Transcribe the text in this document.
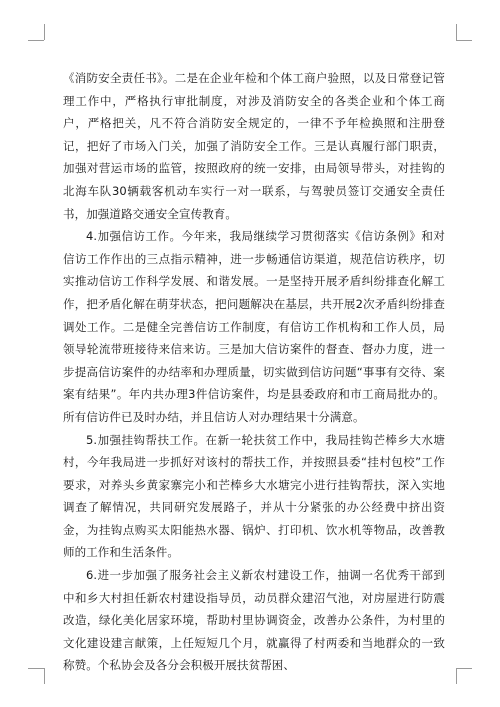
《消防安全责任书》。二是在企业年检和个体工商户验照，以及日常登记管理工作中，严格执行审批制度，对涉及消防安全的各类企业和个体工商户，严格把关，凡不符合消防安全规定的，一律不予年检换照和注册登记，把好了市场入门关，加强了消防安全工作。三是认真履行部门职责，加强对营运市场的监管，按照政府的统一安排，由局领导带头，对挂钩的北海车队30辆载客机动车实行一对一联系，与驾驶员签订交通安全责任书，加强道路交通安全宣传教育。

4.加强信访工作。今年来，我局继续学习贯彻落实《信访条例》和对信访工作作出的三点指示精神，进一步畅通信访渠道，规范信访秩序，切实推动信访工作科学发展、和谐发展。一是坚持开展矛盾纠纷排查化解工作，把矛盾化解在萌芽状态，把问题解决在基层，共开展2次矛盾纠纷排查调处工作。二是健全完善信访工作制度，有信访工作机构和工作人员，局领导轮流带班接待来信来访。三是加大信访案件的督查、督办力度，进一步提高信访案件的办结率和办理质量，切实做到信访问题“事事有交待、案案有结果”。年内共办理3件信访案件，均是县委政府和市工商局批办的。所有信访件已及时办结，并且信访人对办理结果十分满意。

5.加强挂钩帮扶工作。在新一轮扶贫工作中，我局挂钩芒棒乡大水塘村，今年我局进一步抓好对该村的帮扶工作，并按照县委“挂村包校”工作要求，对养头乡黄家寨完小和芒棒乡大水塘完小进行挂钩帮扶，深入实地调查了解情况，共同研究发展路子，并从十分紧张的办公经费中挤出资金，为挂钩点购买太阳能热水器、锅炉、打印机、饮水机等物品，改善教师的工作和生活条件。

6.进一步加强了服务社会主义新农村建设工作，抽调一名优秀干部到中和乡大村担任新农村建设指导员，动员群众建沼气池，对房屋进行防震改造，绿化美化居家环境，帮助村里协调资金，改善办公条件，为村里的文化建设建言献策，上任短短几个月，就赢得了村两委和当地群众的一致称赞。个私协会及各分会积极开展扶贫帮困、
